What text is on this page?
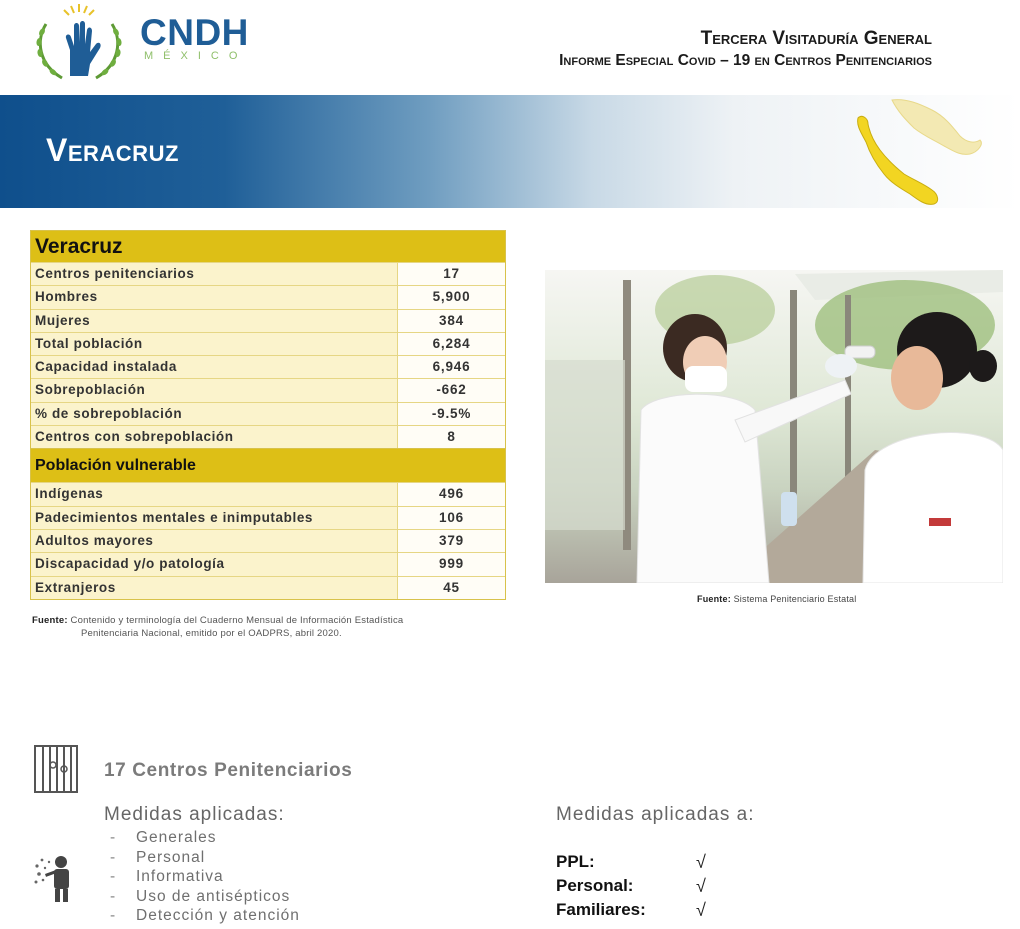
CNDH
MÉXICO
Tercera Visitaduría General
Informe Especial Covid – 19 en Centros Penitenciarios
Veracruz
Veracruz
Centros penitenciarios	17
Hombres	5,900
Mujeres	384
Total población	6,284
Capacidad instalada	6,946
Sobrepoblación	-662
% de sobrepoblación	-9.5%
Centros con sobrepoblación	8
Población vulnerable
Indígenas	496
Padecimientos mentales e inimputables	106
Adultos mayores	379
Discapacidad y/o patología	999
Extranjeros	45
Fuente: Contenido y terminología del Cuaderno Mensual de Información Estadística
Penitenciaria Nacional, emitido por el OADPRS, abril 2020.
Fuente: Sistema Penitenciario Estatal
17 Centros Penitenciarios
Medidas aplicadas:
- Generales
- Personal
- Informativa
- Uso de antisépticos
- Detección y atención
Medidas aplicadas a:
PPL:	√
Personal:	√
Familiares:	√
